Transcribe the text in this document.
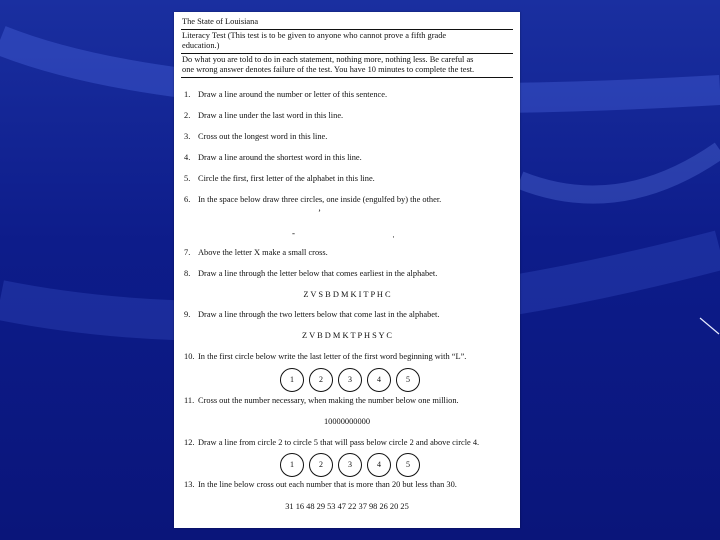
The State of Louisiana
Literacy Test (This test is to be given to anyone who cannot prove a fifth grade
education.)
Do what you are told to do in each statement, nothing more, nothing less. Be careful as
one wrong answer denotes failure of the test. You have 10 minutes to complete the test.
1. Draw a line around the number or letter of this sentence.
2. Draw a line under the last word in this line.
3. Cross out the longest word in this line.
4. Draw a line around the shortest word in this line.
5. Circle the first, first letter of the alphabet in this line.
6. In the space below draw three circles, one inside (engulfed by) the other.
ʼ
-	·
7. Above the letter X make a small cross.
8. Draw a line through the letter below that comes earliest in the alphabet.
Z V S B D M K I T P H C
9. Draw a line through the two letters below that come last in the alphabet.
Z V B D M K T P H S Y C
10. In the first circle below write the last letter of the first word beginning with “L”.
1	2	3	4	5
11. Cross out the number necessary, when making the number below one million.
10000000000
12. Draw a line from circle 2 to circle 5 that will pass below circle 2 and above circle 4.
1	2	3	4	5
13. In the line below cross out each number that is more than 20 but less than 30.
31 16 48 29 53 47 22 37 98 26 20 25
